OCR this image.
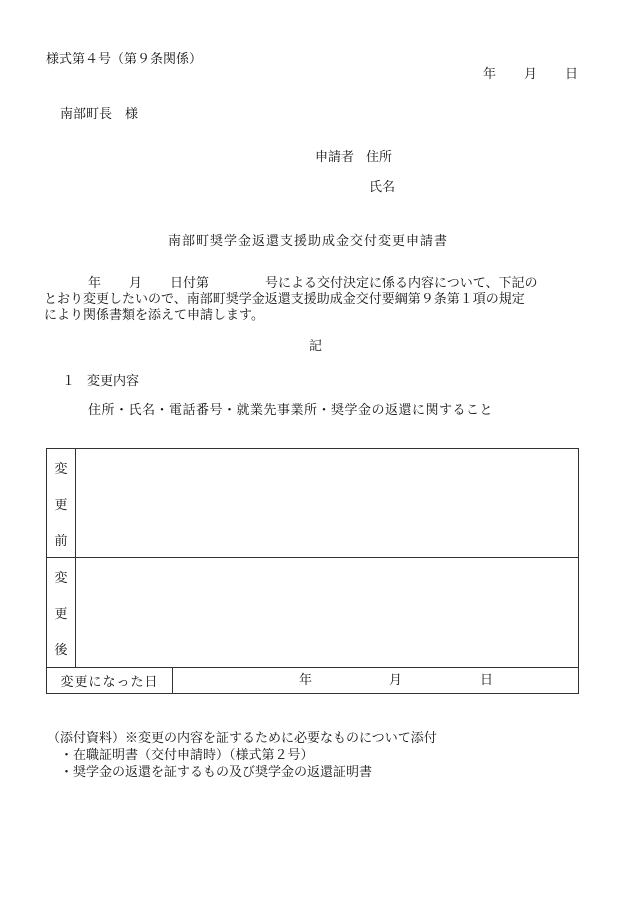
様式第４号（第９条関係）
年 月 日
南部町長　様
申請者 住所
氏名
南部町奨学金返還支援助成金交付変更申請書
年 月 日付第	号による交付決定に係る内容について、下記の
とおり変更したいので、南部町奨学金返還支援助成金交付要綱第９条第１項の規定
により関係書類を添えて申請します。
記
１ 変更内容
住所・氏名・電話番号・就業先事業所・奨学金の返還に関すること
変
更
前
変
更
後
変更になった日	年	月	日
（添付資料）※変更の内容を証するために必要なものについて添付
・在職証明書（交付申請時）（様式第２号）
・奨学金の返還を証するもの及び奨学金の返還証明書
